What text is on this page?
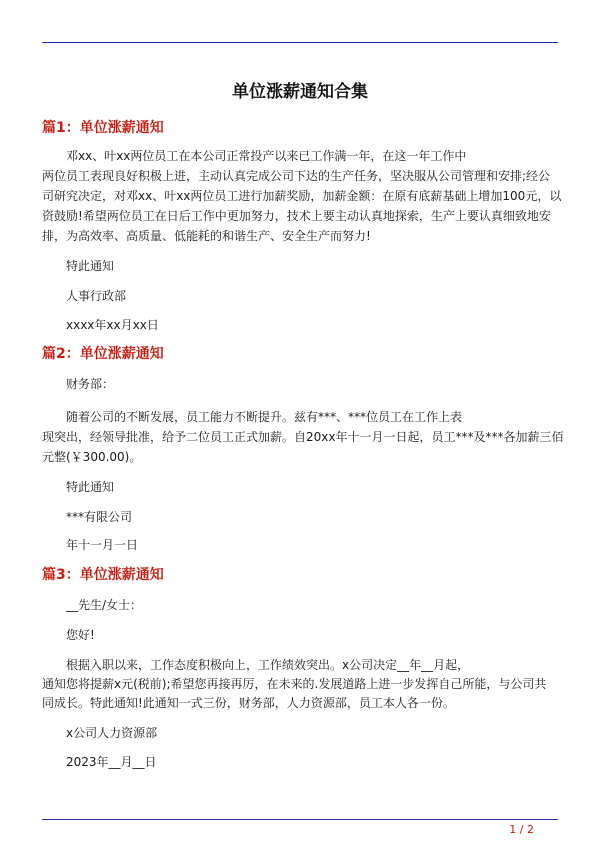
单位涨薪通知合集
篇1：单位涨薪通知
邓xx、叶xx两位员工在本公司正常投产以来已工作满一年，在这一年工作中
两位员工表现良好积极上进，主动认真完成公司下达的生产任务，坚决服从公司管理和安排;经公
司研究决定，对邓xx、叶xx两位员工进行加薪奖励，加薪金额：在原有底薪基础上增加100元，以
资鼓励!希望两位员工在日后工作中更加努力，技术上要主动认真地探索，生产上要认真细致地安
排，为高效率、高质量、低能耗的和谐生产、安全生产而努力!
特此通知
人事行政部
xxxx年xx月xx日
篇2：单位涨薪通知
财务部：
随着公司的不断发展，员工能力不断提升。兹有***、***位员工在工作上表
现突出，经领导批准，给予二位员工正式加薪。自20xx年十一月一日起，员工***及***各加薪三佰
元整(￥300.00)。
特此通知
***有限公司
年十一月一日
篇3：单位涨薪通知
__先生/女士：
您好!
根据入职以来，工作态度积极向上，工作绩效突出。x公司决定__年__月起，
通知您将提薪x元(税前);希望您再接再厉，在未来的.发展道路上进一步发挥自己所能，与公司共
同成长。特此通知!此通知一式三份，财务部，人力资源部，员工本人各一份。
x公司人力资源部
2023年__月__日
1 / 2
